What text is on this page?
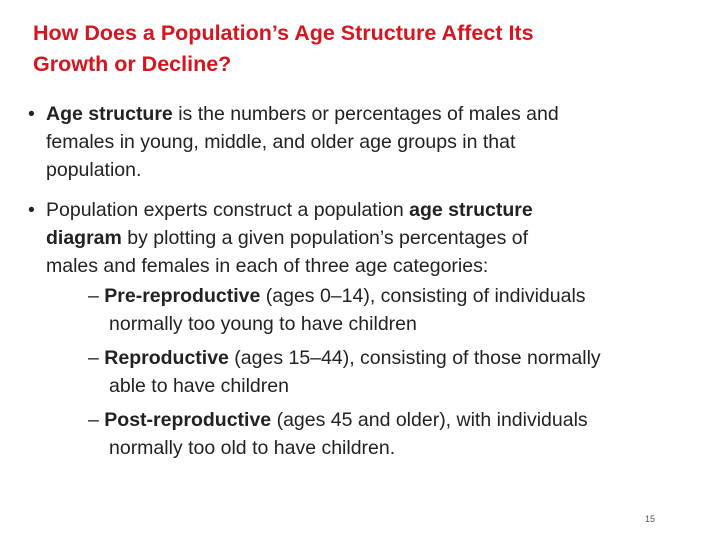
How Does a Population’s Age Structure Affect Its
Growth or Decline?
• Age structure is the numbers or percentages of males and
females in young, middle, and older age groups in that
population.
• Population experts construct a population age structure
diagram by plotting a given population’s percentages of
males and females in each of three age categories:
– Pre-reproductive (ages 0–14), consisting of individuals
normally too young to have children
– Reproductive (ages 15–44), consisting of those normally
able to have children
– Post-reproductive (ages 45 and older), with individuals
normally too old to have children.
15
